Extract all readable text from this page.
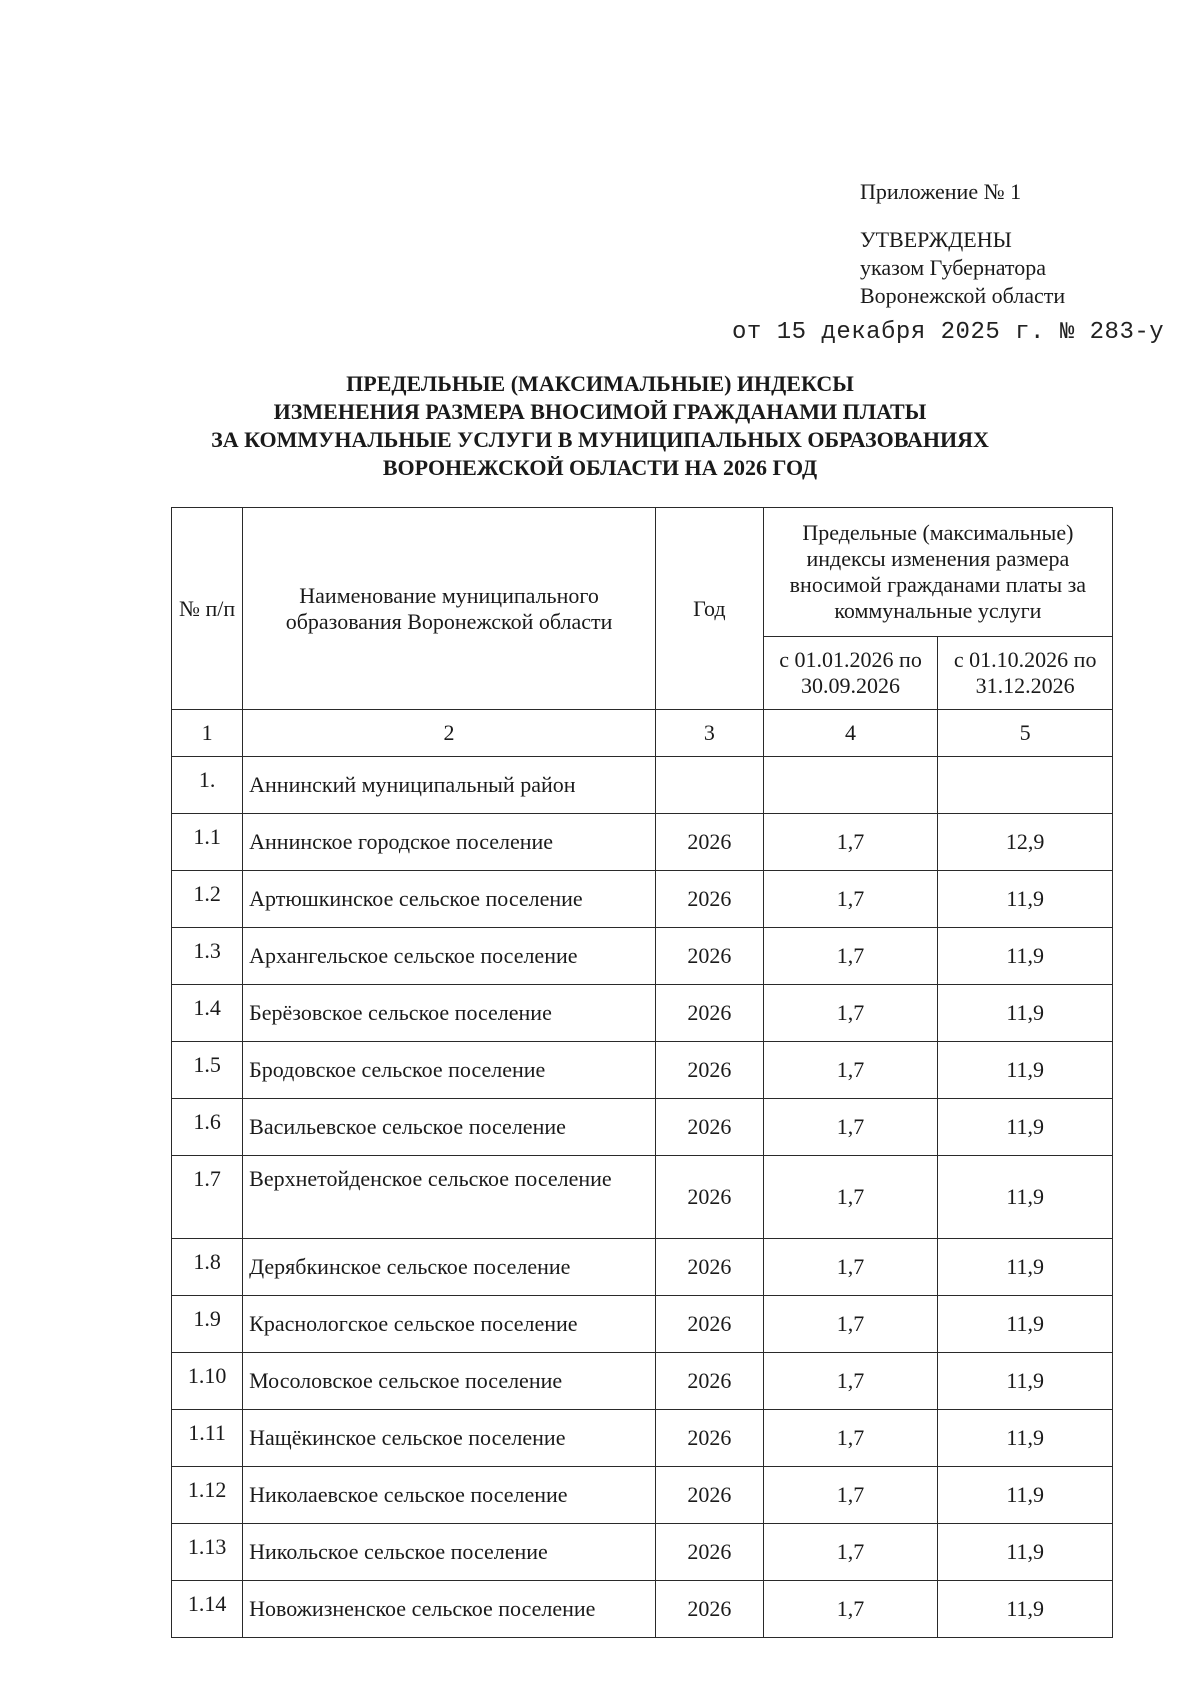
Приложение № 1
УТВЕРЖДЕНЫ
указом Губернатора
Воронежской области
от 15 декабря 2025 г. № 283-у
ПРЕДЕЛЬНЫЕ (МАКСИМАЛЬНЫЕ) ИНДЕКСЫ
ИЗМЕНЕНИЯ РАЗМЕРА ВНОСИМОЙ ГРАЖДАНАМИ ПЛАТЫ
ЗА КОММУНАЛЬНЫЕ УСЛУГИ В МУНИЦИПАЛЬНЫХ ОБРАЗОВАНИЯХ
ВОРОНЕЖСКОЙ ОБЛАСТИ НА 2026 ГОД
№ п/п	Наименование муниципального образования Воронежской области	Год	Предельные (максимальные) индексы изменения размера вносимой гражданами платы за коммунальные услуги	
			с 01.01.2026 по 30.09.2026	с 01.10.2026 по 31.12.2026
1	2	3	4	5
1.	Аннинский муниципальный район			
1.1	Аннинское городское поселение	2026	1,7	12,9
1.2	Артюшкинское сельское поселение	2026	1,7	11,9
1.3	Архангельское сельское поселение	2026	1,7	11,9
1.4	Берёзовское сельское поселение	2026	1,7	11,9
1.5	Бродовское сельское поселение	2026	1,7	11,9
1.6	Васильевское сельское поселение	2026	1,7	11,9
1.7	Верхнетойденское сельское поселение	2026	1,7	11,9
1.8	Дерябкинское сельское поселение	2026	1,7	11,9
1.9	Краснологское сельское поселение	2026	1,7	11,9
1.10	Мосоловское сельское поселение	2026	1,7	11,9
1.11	Нащёкинское сельское поселение	2026	1,7	11,9
1.12	Николаевское сельское поселение	2026	1,7	11,9
1.13	Никольское сельское поселение	2026	1,7	11,9
1.14	Новожизненское сельское поселение	2026	1,7	11,9
